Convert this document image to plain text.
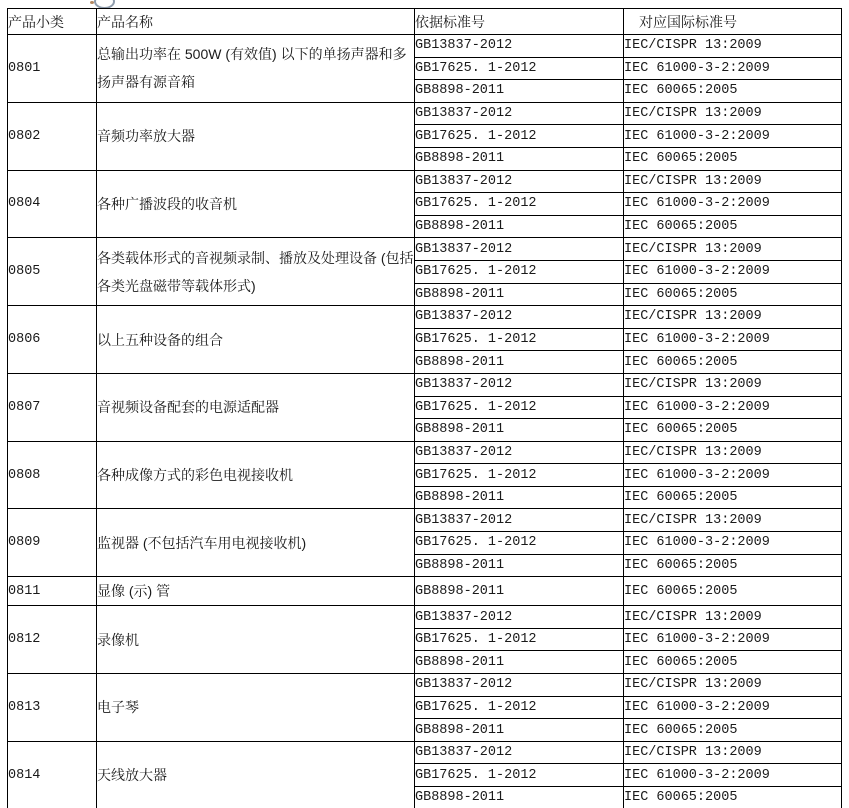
产品小类	产品名称	依据标准号	对应国际标准号
0801	总输出功率在 500W (有效值) 以下的单扬声器和多扬声器有源音箱	GB13837-2012	IEC/CISPR 13:2009
		GB17625. 1-2012	IEC 61000-3-2:2009
		GB8898-2011	IEC 60065:2005
0802	音频功率放大器	GB13837-2012	IEC/CISPR 13:2009
		GB17625. 1-2012	IEC 61000-3-2:2009
		GB8898-2011	IEC 60065:2005
0804	各种广播波段的收音机	GB13837-2012	IEC/CISPR 13:2009
		GB17625. 1-2012	IEC 61000-3-2:2009
		GB8898-2011	IEC 60065:2005
0805	各类载体形式的音视频录制、播放及处理设备 (包括各类光盘磁带等载体形式)	GB13837-2012	IEC/CISPR 13:2009
		GB17625. 1-2012	IEC 61000-3-2:2009
		GB8898-2011	IEC 60065:2005
0806	以上五种设备的组合	GB13837-2012	IEC/CISPR 13:2009
		GB17625. 1-2012	IEC 61000-3-2:2009
		GB8898-2011	IEC 60065:2005
0807	音视频设备配套的电源适配器	GB13837-2012	IEC/CISPR 13:2009
		GB17625. 1-2012	IEC 61000-3-2:2009
		GB8898-2011	IEC 60065:2005
0808	各种成像方式的彩色电视接收机	GB13837-2012	IEC/CISPR 13:2009
		GB17625. 1-2012	IEC 61000-3-2:2009
		GB8898-2011	IEC 60065:2005
0809	监视器 (不包括汽车用电视接收机)	GB13837-2012	IEC/CISPR 13:2009
		GB17625. 1-2012	IEC 61000-3-2:2009
		GB8898-2011	IEC 60065:2005
0811	显像 (示) 管	GB8898-2011	IEC 60065:2005
0812	录像机	GB13837-2012	IEC/CISPR 13:2009
		GB17625. 1-2012	IEC 61000-3-2:2009
		GB8898-2011	IEC 60065:2005
0813	电子琴	GB13837-2012	IEC/CISPR 13:2009
		GB17625. 1-2012	IEC 61000-3-2:2009
		GB8898-2011	IEC 60065:2005
0814	天线放大器	GB13837-2012	IEC/CISPR 13:2009
		GB17625. 1-2012	IEC 61000-3-2:2009
		GB8898-2011	IEC 60065:2005
